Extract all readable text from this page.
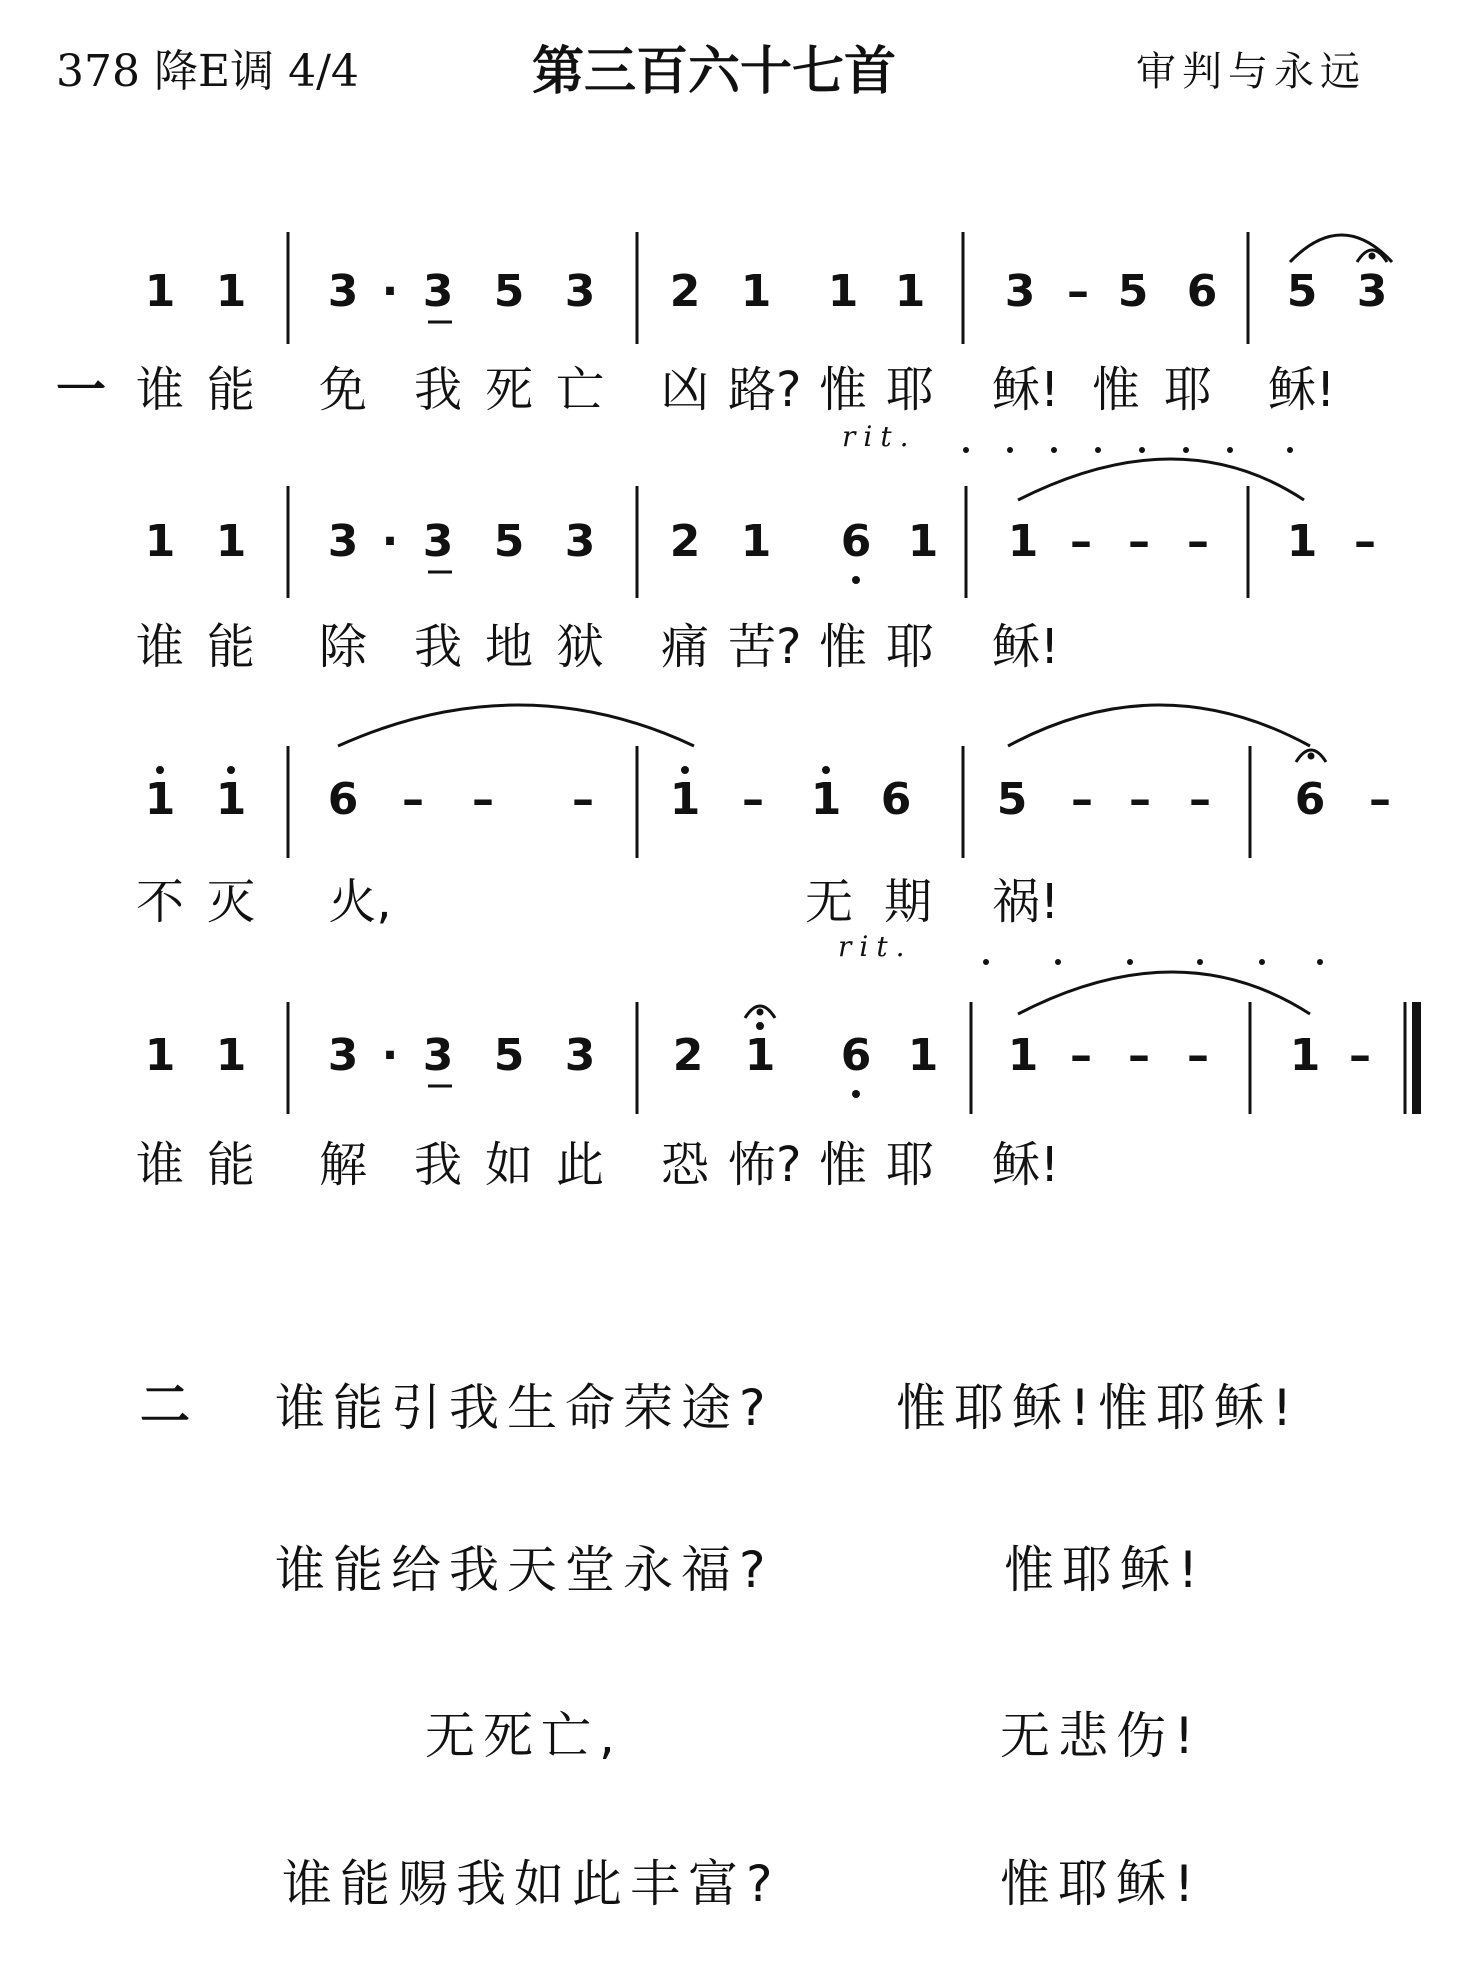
378 降E调 4/4	第三百六十七首	审判与永远
1 1 3 · 3 5 3 2 1 1 1 3 – 5 6 5 3
一 谁 能 免 我 死 亡 凶 路? 惟 耶 稣! 惟 耶 稣!
rit.
1 1 3 · 3 5 3 2 1 6 1 1 – – – 1 –
谁 能 除 我 地 狱 痛 苦? 惟 耶 稣!
1 1 6 – – – 1 – 1 6 5 – – – 6 –
不 灭 火,	无 期 祸!
rit.
1 1 3 · 3 5 3 2 1 6 1 1 – – – 1 –
谁 能 解 我 如 此 恐 怖? 惟 耶 稣!
二 谁能引我生命荣途? 惟耶稣!惟耶稣!
谁能给我天堂永福?	惟耶稣!
无死亡,	无悲伤!
谁能赐我如此丰富?	惟耶稣!
